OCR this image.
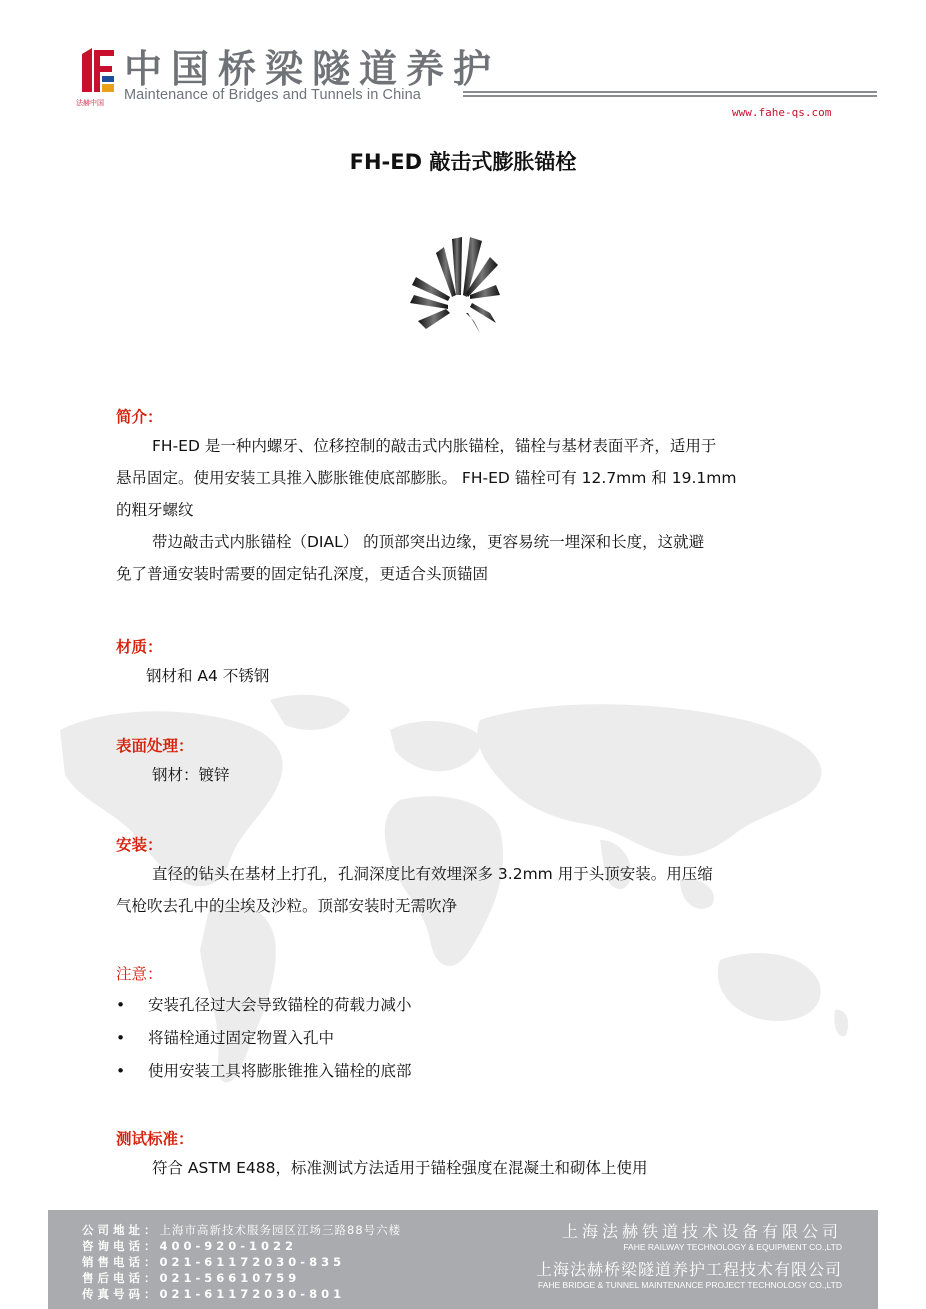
法赫中国
中国桥梁隧道养护
Maintenance of Bridges and Tunnels in China
www.fahe-qs.com
FH-ED 敲击式膨胀锚栓
简介：

FH-ED 是一种内螺牙、位移控制的敲击式内胀锚栓，锚栓与基材表面平齐，适用于

悬吊固定。使用安装工具推入膨胀锥使底部膨胀。 FH-ED 锚栓可有 12.7mm 和 19.1mm

的粗牙螺纹

带边敲击式内胀锚栓（DIAL） 的顶部突出边缘，更容易统一埋深和长度，这就避

免了普通安装时需要的固定钻孔深度，更适合头顶锚固

材质：

钢材和 A4 不锈钢

表面处理：

钢材：镀锌

安装：

直径的钻头在基材上打孔，孔洞深度比有效埋深多 3.2mm 用于头顶安装。用压缩

气枪吹去孔中的尘埃及沙粒。顶部安装时无需吹净

注意：
• 安装孔径过大会导致锚栓的荷载力减小
• 将锚栓通过固定物置入孔中
• 使用安装工具将膨胀锥推入锚栓的底部
测试标准：

符合 ASTM E488，标准测试方法适用于锚栓强度在混凝土和砌体上使用

公司地址：上海市高新技术服务园区江场三路88号六楼
咨询电话：400-920-1022
销售电话：021-61172030-835
售后电话：021-56610759
传真号码：021-61172030-801
上海法赫铁道技术设备有限公司
FAHE RAILWAY TECHNOLOGY & EQUIPMENT CO.,LTD
上海法赫桥梁隧道养护工程技术有限公司
FAHE BRIDGE & TUNNEL MAINTENANCE PROJECT TECHNOLOGY CO.,LTD
